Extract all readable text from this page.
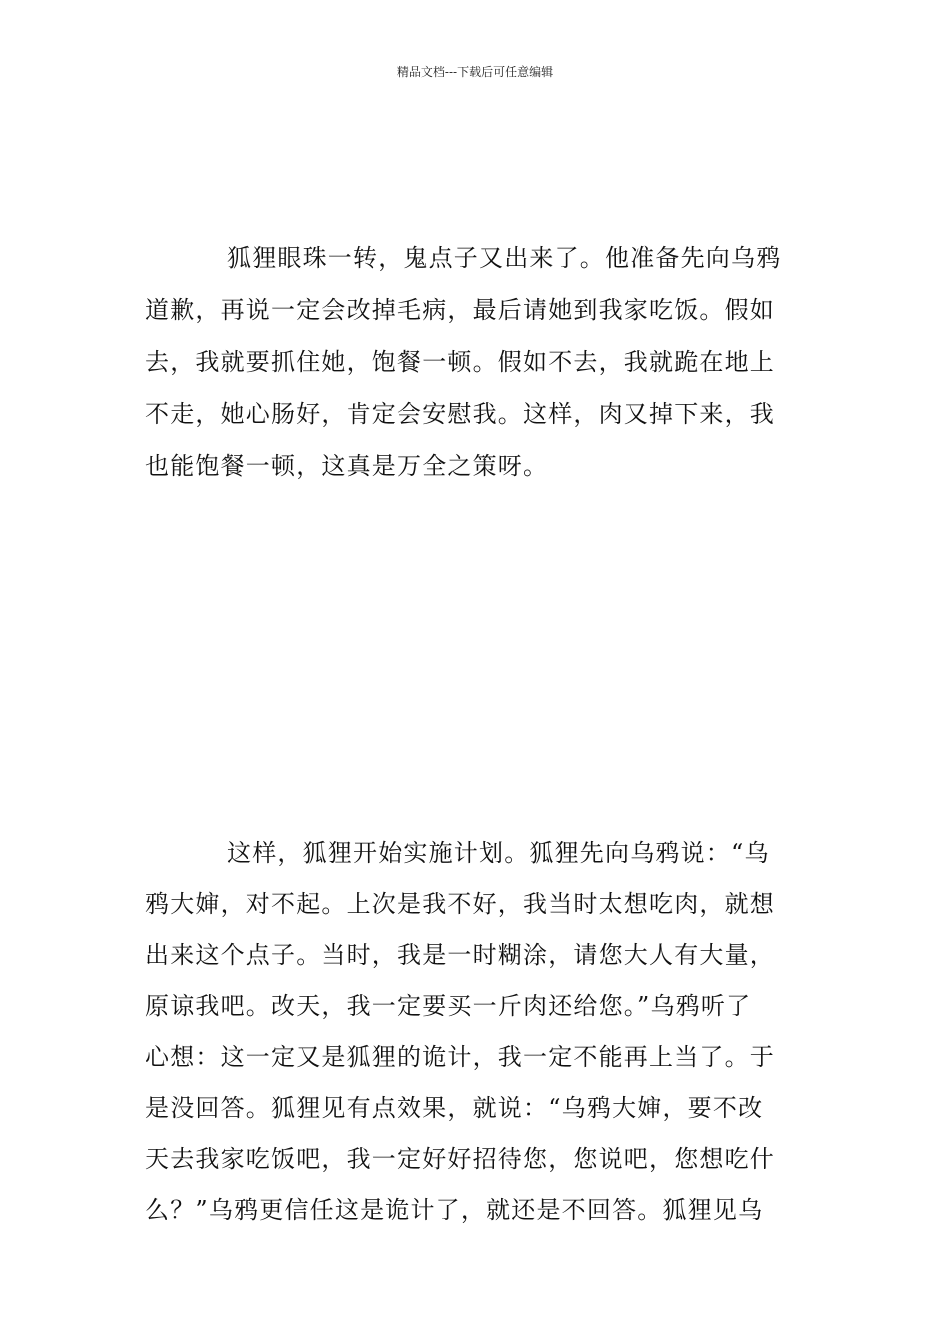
精品文档---下载后可任意编辑
狐狸眼珠一转，鬼点子又出来了。他准备先向乌鸦
道歉，再说一定会改掉毛病，最后请她到我家吃饭。假如
去，我就要抓住她，饱餐一顿。假如不去，我就跪在地上
不走，她心肠好，肯定会安慰我。这样，肉又掉下来，我
也能饱餐一顿，这真是万全之策呀。
这样，狐狸开始实施计划。狐狸先向乌鸦说：“乌
鸦大婶，对不起。上次是我不好，我当时太想吃肉，就想
出来这个点子。当时，我是一时糊涂，请您大人有大量，
原谅我吧。改天，我一定要买一斤肉还给您。”乌鸦听了
心想：这一定又是狐狸的诡计，我一定不能再上当了。于
是没回答。狐狸见有点效果，就说：“乌鸦大婶，要不改
天去我家吃饭吧，我一定好好招待您，您说吧，您想吃什
么？”乌鸦更信任这是诡计了，就还是不回答。狐狸见乌
